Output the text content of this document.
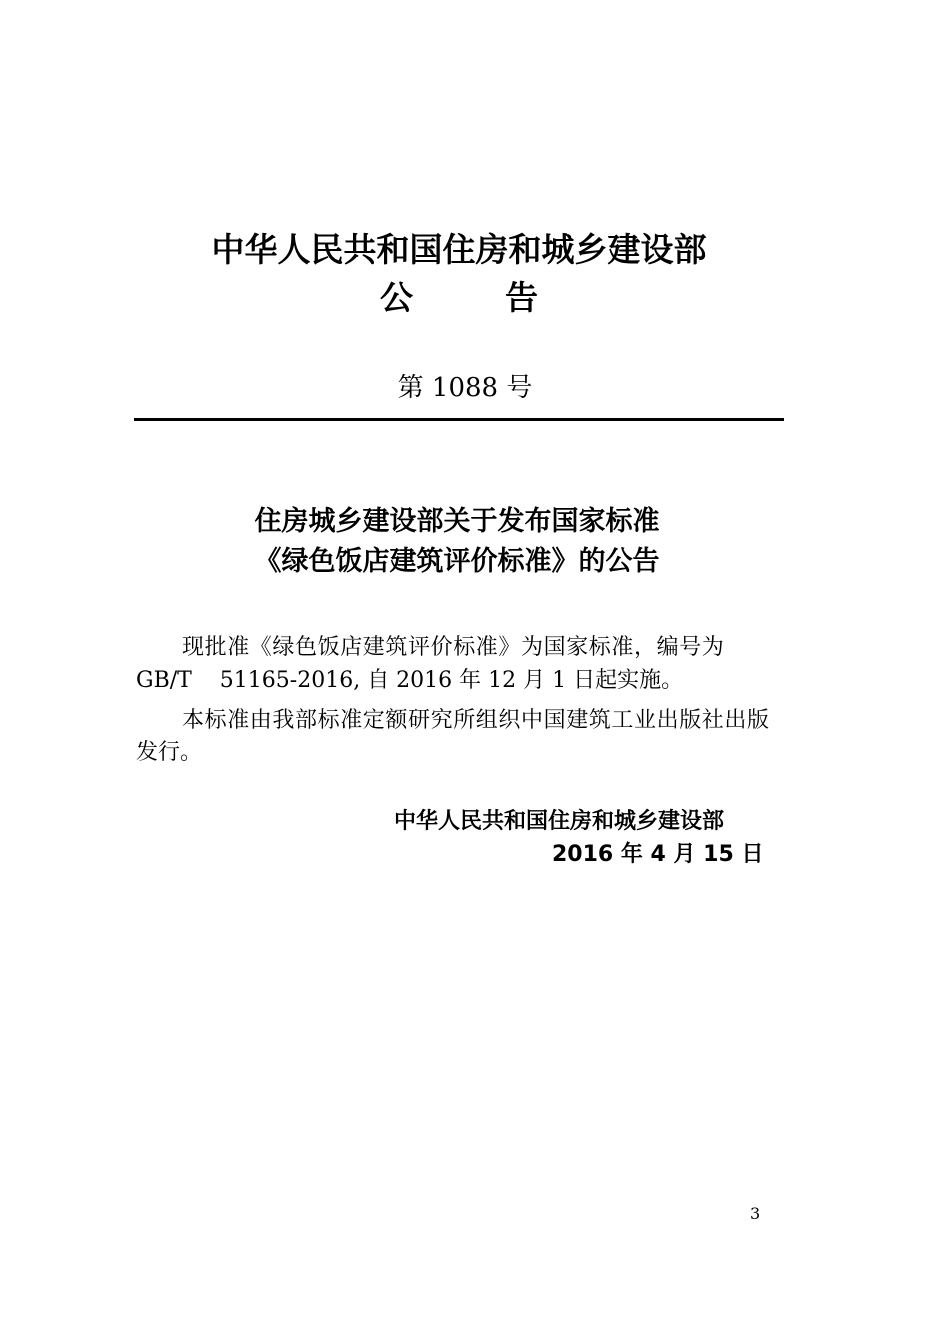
中华人民共和国住房和城乡建设部
公        告
第 1088 号
住房城乡建设部关于发布国家标准
《绿色饭店建筑评价标准》的公告
现批准《绿色饭店建筑评价标准》为国家标准，编号为
GB/T    51165-2016, 自 2016 年 12 月 1 日起实施。
本标准由我部标准定额研究所组织中国建筑工业出版社出版
发行。
中华人民共和国住房和城乡建设部
2016 年 4 月 15 日
3
